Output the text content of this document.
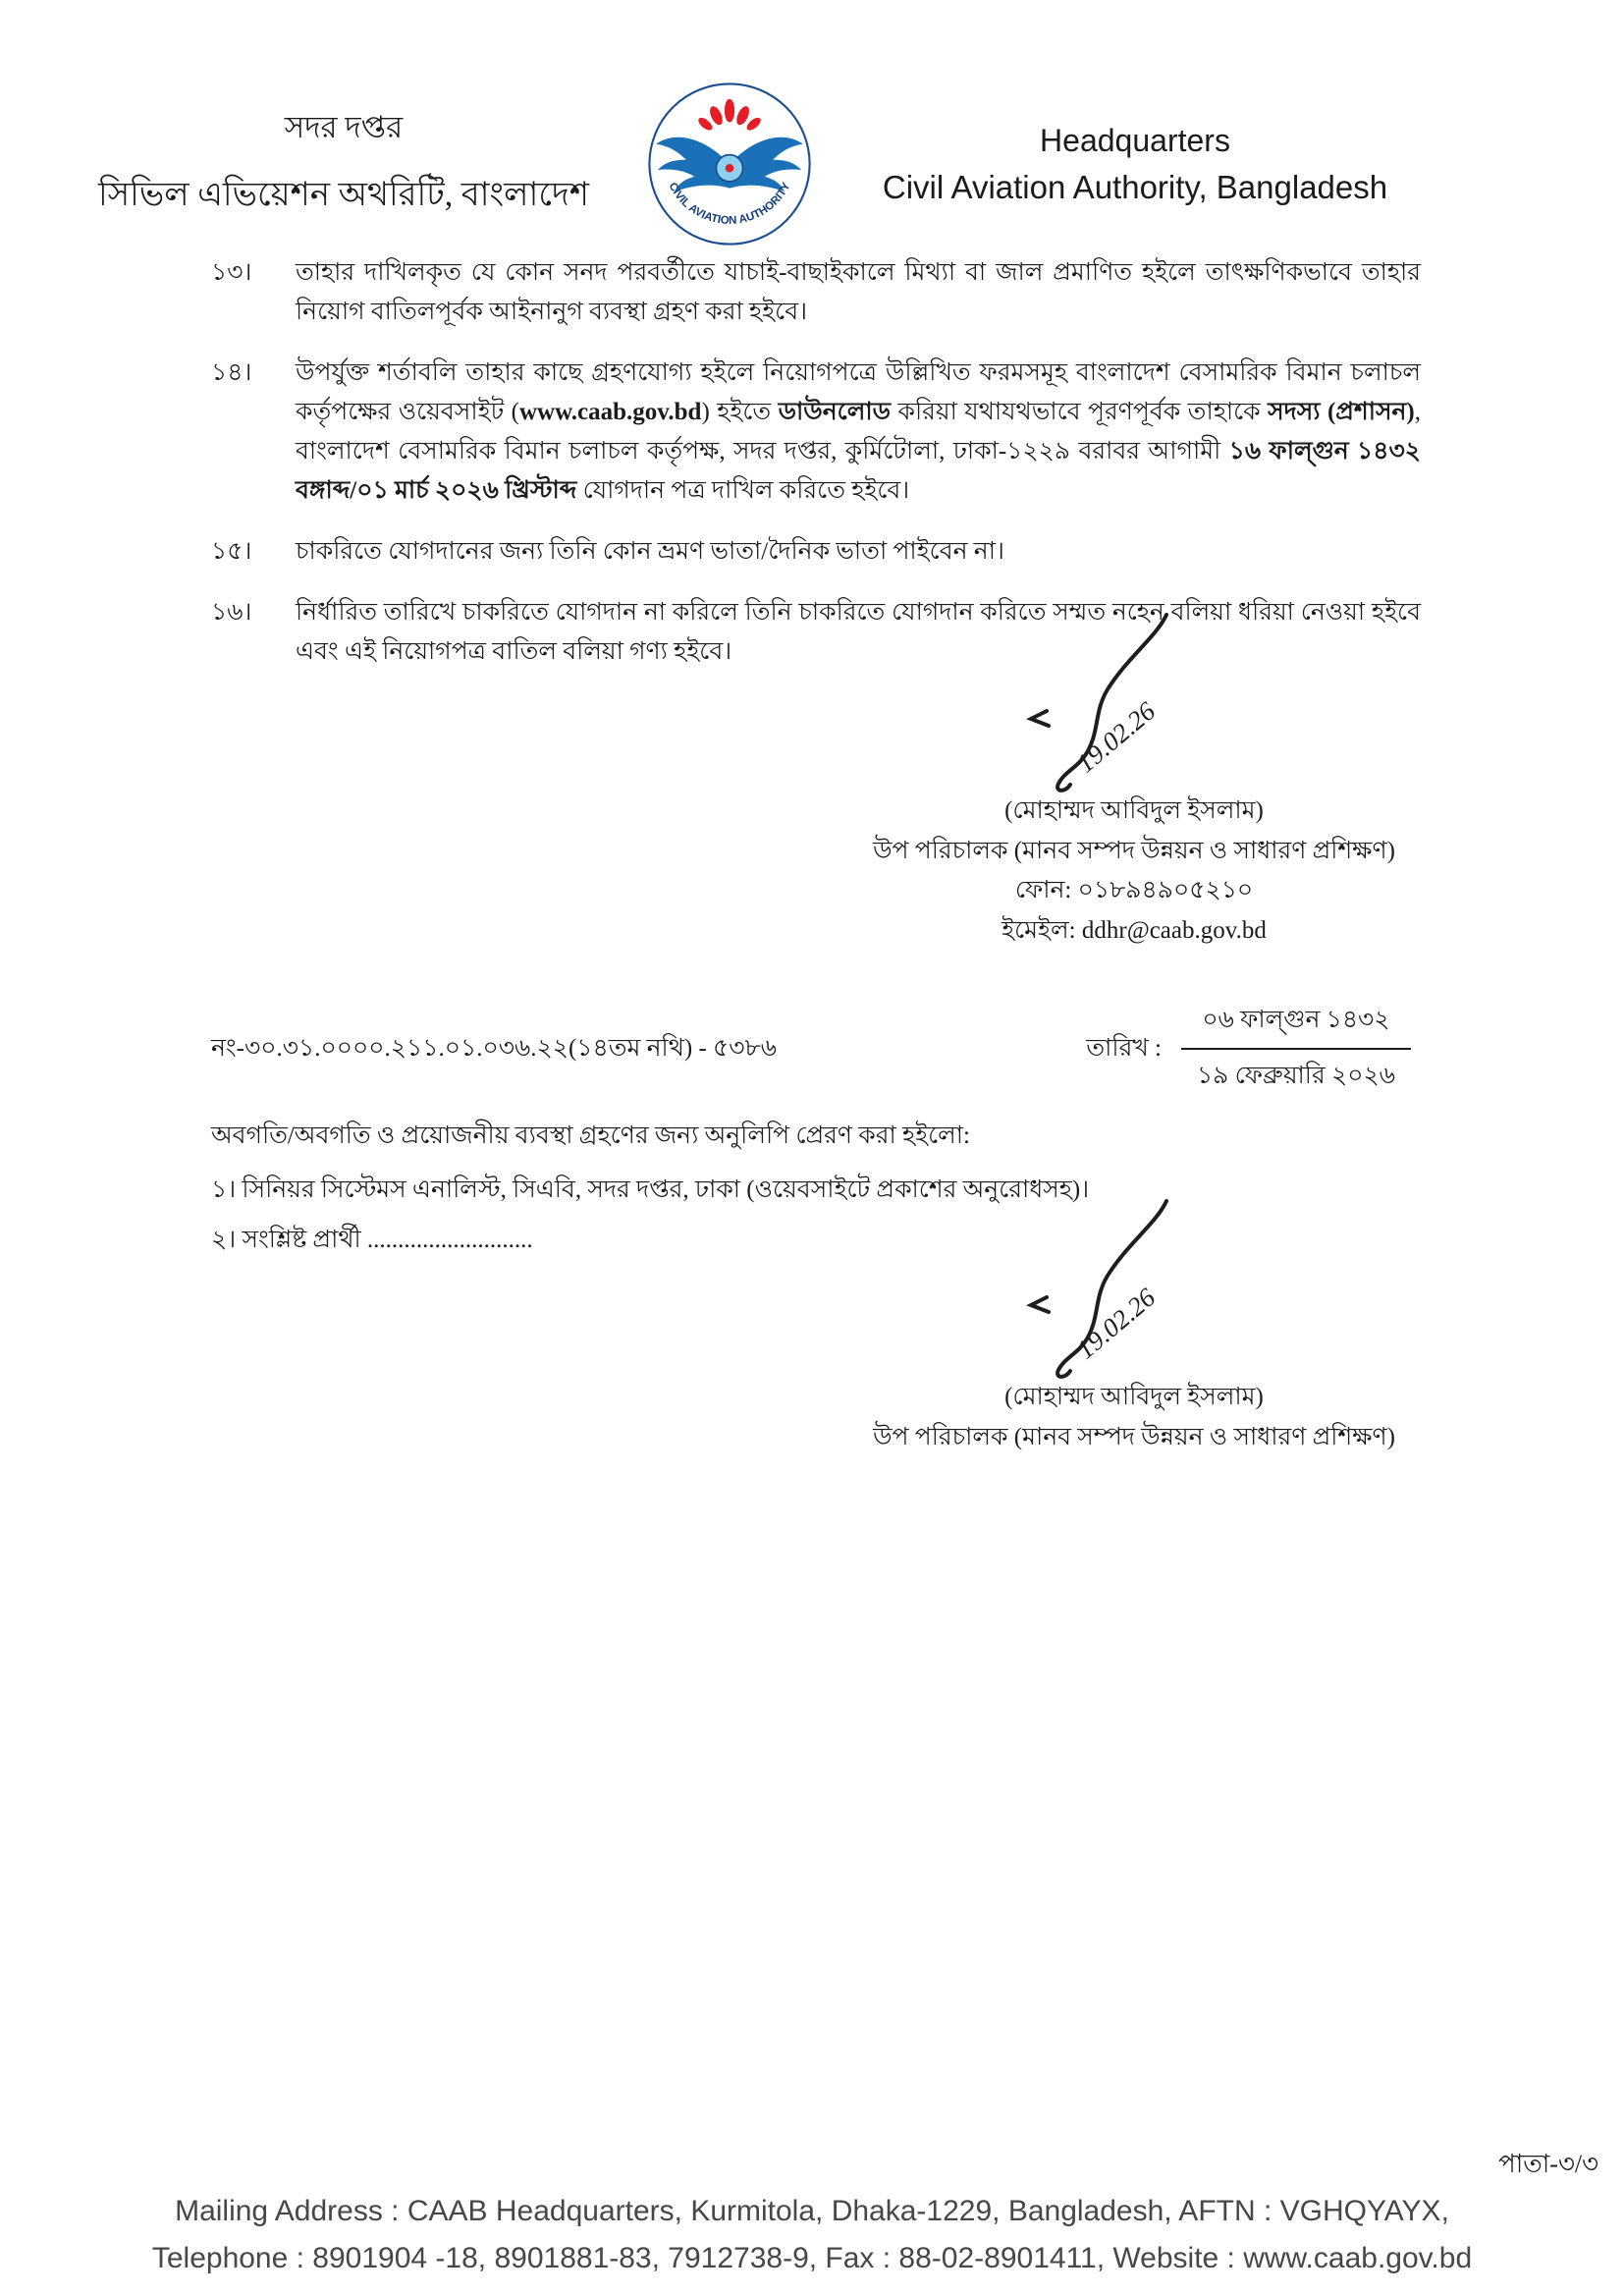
সদর দপ্তর
সিভিল এভিয়েশন অথরিটি, বাংলাদেশ	CIVIL AVIATION AUTHORITY
Headquarters
Civil Aviation Authority, Bangladesh
১৩।	তাহার দাখিলকৃত যে কোন সনদ পরবর্তীতে যাচাই-বাছাইকালে মিথ্যা বা জাল প্রমাণিত হইলে তাৎক্ষণিকভাবে তাহার নিয়োগ বাতিলপূর্বক আইনানুগ ব্যবস্থা গ্রহণ করা হইবে।
১৪।	উপর্যুক্ত শর্তাবলি তাহার কাছে গ্রহণযোগ্য হইলে নিয়োগপত্রে উল্লিখিত ফরমসমূহ বাংলাদেশ বেসামরিক বিমান চলাচল কর্তৃপক্ষের ওয়েবসাইট (www.caab.gov.bd) হইতে ডাউনলোড করিয়া যথাযথভাবে পূরণপূর্বক তাহাকে সদস্য (প্রশাসন), বাংলাদেশ বেসামরিক বিমান চলাচল কর্তৃপক্ষ, সদর দপ্তর, কুর্মিটোলা, ঢাকা-১২২৯ বরাবর আগামী ১৬ ফাল্গুন ১৪৩২ বঙ্গাব্দ/০১ মার্চ ২০২৬ খ্রিস্টাব্দ যোগদান পত্র দাখিল করিতে হইবে।
১৫।	চাকরিতে যোগদানের জন্য তিনি কোন ভ্রমণ ভাতা/দৈনিক ভাতা পাইবেন না।
১৬।	নির্ধারিত তারিখে চাকরিতে যোগদান না করিলে তিনি চাকরিতে যোগদান করিতে সম্মত নহেন বলিয়া ধরিয়া নেওয়া হইবে এবং এই নিয়োগপত্র বাতিল বলিয়া গণ্য হইবে।
19.02.26
(মোহাম্মদ আবিদুল ইসলাম)
উপ পরিচালক (মানব সম্পদ উন্নয়ন ও সাধারণ প্রশিক্ষণ)
ফোন: ০১৮৯৪৯০৫২১০
ইমেইল: ddhr@caab.gov.bd
নং-৩০.৩১.০০০০.২১১.০১.০৩৬.২২(১৪তম নথি) - ৫৩৮৬	তারিখ :
০৬ ফাল্গুন ১৪৩২
১৯ ফেব্রুয়ারি ২০২৬
অবগতি/অবগতি ও প্রয়োজনীয় ব্যবস্থা গ্রহণের জন্য অনুলিপি প্রেরণ করা হইলো:
১। সিনিয়র সিস্টেমস এনালিস্ট, সিএবি, সদর দপ্তর, ঢাকা (ওয়েবসাইটে প্রকাশের অনুরোধসহ)।
২। সংশ্লিষ্ট প্রার্থী ...........................
19.02.26
(মোহাম্মদ আবিদুল ইসলাম)
উপ পরিচালক (মানব সম্পদ উন্নয়ন ও সাধারণ প্রশিক্ষণ)
পাতা-৩/৩
Mailing Address : CAAB Headquarters, Kurmitola, Dhaka-1229, Bangladesh, AFTN : VGHQYAYX,
Telephone : 8901904 -18, 8901881-83, 7912738-9, Fax : 88-02-8901411, Website : www.caab.gov.bd
